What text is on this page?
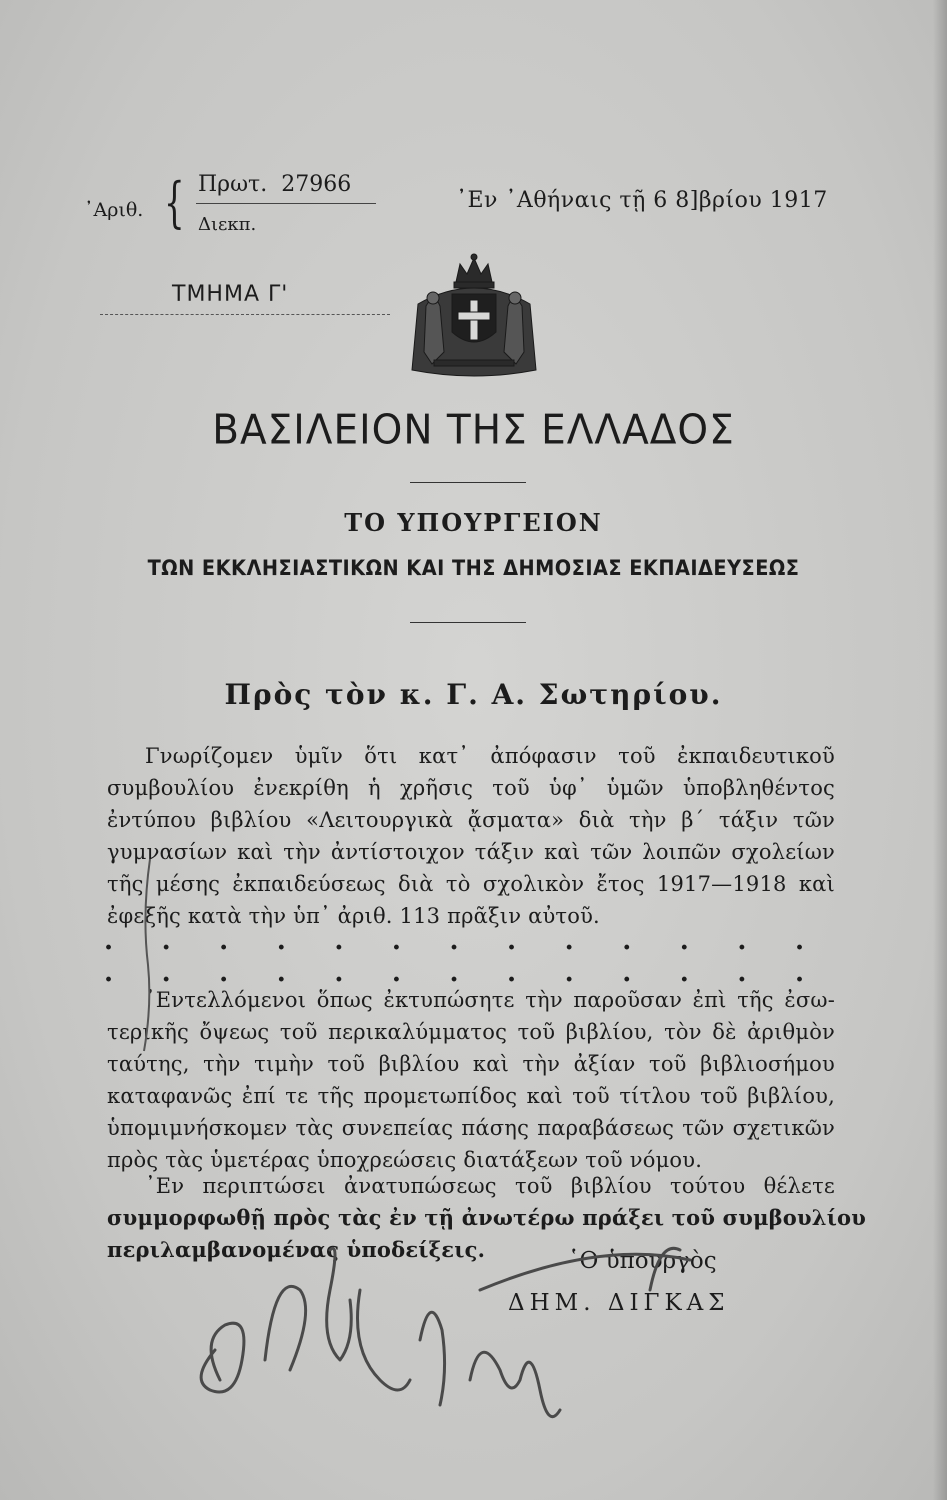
᾿Αριθ. { Πρωτ. 27966
Διεκπ.
᾿Εν ᾿Αθήναις τῇ 6 8]βρίου 1917
ΤΜΗΜΑ Γ'
ΒΑΣΙΛΕΙΟΝ ΤΗΣ ΕΛΛΑΔΟΣ
ΤΟ ΥΠΟΥΡΓΕΙΟΝ
ΤΩΝ ΕΚΚΛΗΣΙΑΣΤΙΚΩΝ ΚΑΙ ΤΗΣ ΔΗΜΟΣΙΑΣ ΕΚΠΑΙΔΕΥΣΕΩΣ
Πρὸς τὸν κ. Γ. Α. Σωτηρίου.
Γνωρίζομεν ὑμῖν ὅτι κατ᾿ ἀπόφασιν τοῦ ἐκπαιδευτικοῦ
συμβουλίου ἐνεκρίθη ἡ χρῆσις τοῦ ὑφ᾿ ὑμῶν ὑποβληθέντος
ἐντύπου βιβλίου «Λειτουργικὰ ᾄσματα» διὰ τὴν β´ τάξιν τῶν
γυμνασίων καὶ τὴν ἀντίστοιχον τάξιν καὶ τῶν λοιπῶν σχολείων
τῆς μέσης ἐκπαιδεύσεως διὰ τὸ σχολικὸν ἔτος 1917—1918 καὶ
ἐφεξῆς κατὰ τὴν ὑπ᾿ ἀριθ. 113 πρᾶξιν αὐτοῦ.
. . . . . . . . . . . . .
. . . . . . . . . . . . .
᾿Εντελλόμενοι ὅπως ἐκτυπώσητε τὴν παροῦσαν ἐπὶ τῆς ἐσω-
τερικῆς ὄψεως τοῦ περικαλύμματος τοῦ βιβλίου, τὸν δὲ ἀριθμὸν
ταύτης, τὴν τιμὴν τοῦ βιβλίου καὶ τὴν ἀξίαν τοῦ βιβλιοσήμου
καταφανῶς ἐπί τε τῆς προμετωπίδος καὶ τοῦ τίτλου τοῦ βιβλίου,
ὑπομιμνήσκομεν τὰς συνεπείας πάσης παραβάσεως τῶν σχετικῶν
πρὸς τὰς ὑμετέρας ὑποχρεώσεις διατάξεων τοῦ νόμου.
᾿Εν περιπτώσει ἀνατυπώσεως τοῦ βιβλίου τούτου θέλετε
συμμορφωθῇ πρὸς τὰς ἐν τῇ ἀνωτέρω πράξει τοῦ συμβουλίου
περιλαμβανομένας ὑποδείξεις.	῾Ο ὑπουργὸς
ΔΗΜ. ΔΙΓΚΑΣ
